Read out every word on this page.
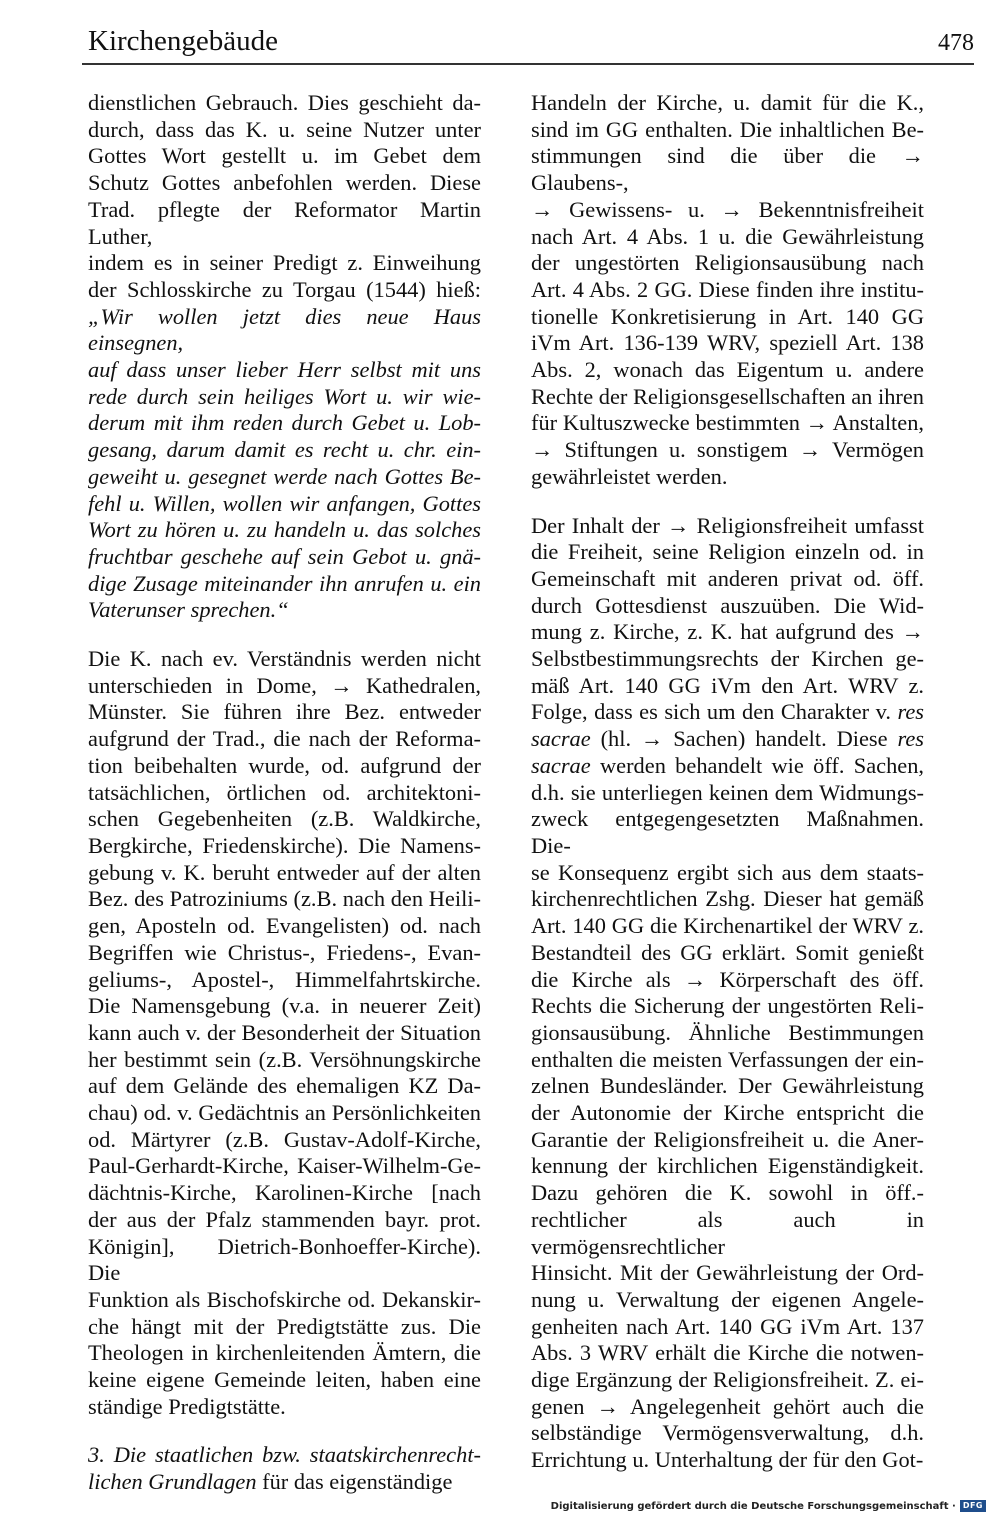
Kirchengebäude	478

dienstlichen Gebrauch. Dies geschieht da-
durch, dass das K. u. seine Nutzer unter
Gottes Wort gestellt u. im Gebet dem
Schutz Gottes anbefohlen werden. Diese
Trad. pflegte der Reformator Martin Luther,
indem es in seiner Predigt z. Einweihung
der Schlosskirche zu Torgau (1544) hieß:
„Wir wollen jetzt dies neue Haus einsegnen,
auf dass unser lieber Herr selbst mit uns
rede durch sein heiliges Wort u. wir wie-
derum mit ihm reden durch Gebet u. Lob-
gesang, darum damit es recht u. chr. ein-
geweiht u. gesegnet werde nach Gottes Be-
fehl u. Willen, wollen wir anfangen, Gottes
Wort zu hören u. zu handeln u. das solches
fruchtbar geschehe auf sein Gebot u. gnä-
dige Zusage miteinander ihn anrufen u. ein
Vaterunser sprechen.“

Die K. nach ev. Verständnis werden nicht
unterschieden in Dome, → Kathedralen,
Münster. Sie führen ihre Bez. entweder
aufgrund der Trad., die nach der Reforma-
tion beibehalten wurde, od. aufgrund der
tatsächlichen, örtlichen od. architektoni-
schen Gegebenheiten (z.B. Waldkirche,
Bergkirche, Friedenskirche). Die Namens-
gebung v. K. beruht entweder auf der alten
Bez. des Patroziniums (z.B. nach den Heili-
gen, Aposteln od. Evangelisten) od. nach
Begriffen wie Christus-, Friedens-, Evan-
geliums-, Apostel-, Himmelfahrtskirche.
Die Namensgebung (v.a. in neuerer Zeit)
kann auch v. der Besonderheit der Situation
her bestimmt sein (z.B. Versöhnungskirche
auf dem Gelände des ehemaligen KZ Da-
chau) od. v. Gedächtnis an Persönlichkeiten
od. Märtyrer (z.B. Gustav-Adolf-Kirche,
Paul-Gerhardt-Kirche, Kaiser-Wilhelm-Ge-
dächtnis-Kirche, Karolinen-Kirche [nach
der aus der Pfalz stammenden bayr. prot.
Königin], Dietrich-Bonhoeffer-Kirche). Die
Funktion als Bischofskirche od. Dekanskir-
che hängt mit der Predigtstätte zus. Die
Theologen in kirchenleitenden Ämtern, die
keine eigene Gemeinde leiten, haben eine
ständige Predigtstätte.

3. Die staatlichen bzw. staatskirchenrecht-
lichen Grundlagen für das eigenständige

Handeln der Kirche, u. damit für die K.,
sind im GG enthalten. Die inhaltlichen Be-
stimmungen sind die über die → Glaubens-,
→ Gewissens- u. → Bekenntnisfreiheit
nach Art. 4 Abs. 1 u. die Gewährleistung
der ungestörten Religionsausübung nach
Art. 4 Abs. 2 GG. Diese finden ihre institu-
tionelle Konkretisierung in Art. 140 GG
iVm Art. 136-139 WRV, speziell Art. 138
Abs. 2, wonach das Eigentum u. andere
Rechte der Religionsgesellschaften an ihren
für Kultuszwecke bestimmten → Anstalten,
→ Stiftungen u. sonstigem → Vermögen
gewährleistet werden.

Der Inhalt der → Religionsfreiheit umfasst
die Freiheit, seine Religion einzeln od. in
Gemeinschaft mit anderen privat od. öff.
durch Gottesdienst auszuüben. Die Wid-
mung z. Kirche, z. K. hat aufgrund des →
Selbstbestimmungsrechts der Kirchen ge-
mäß Art. 140 GG iVm den Art. WRV z.
Folge, dass es sich um den Charakter v. res
sacrae (hl. → Sachen) handelt. Diese res
sacrae werden behandelt wie öff. Sachen,
d.h. sie unterliegen keinen dem Widmungs-
zweck entgegengesetzten Maßnahmen. Die-
se Konsequenz ergibt sich aus dem staats-
kirchenrechtlichen Zshg. Dieser hat gemäß
Art. 140 GG die Kirchenartikel der WRV z.
Bestandteil des GG erklärt. Somit genießt
die Kirche als → Körperschaft des öff.
Rechts die Sicherung der ungestörten Reli-
gionsausübung. Ähnliche Bestimmungen
enthalten die meisten Verfassungen der ein-
zelnen Bundesländer. Der Gewährleistung
der Autonomie der Kirche entspricht die
Garantie der Religionsfreiheit u. die Aner-
kennung der kirchlichen Eigenständigkeit.
Dazu gehören die K. sowohl in öff.-
rechtlicher als auch in vermögensrechtlicher
Hinsicht. Mit der Gewährleistung der Ord-
nung u. Verwaltung der eigenen Angele-
genheiten nach Art. 140 GG iVm Art. 137
Abs. 3 WRV erhält die Kirche die notwen-
dige Ergänzung der Religionsfreiheit. Z. ei-
genen → Angelegenheit gehört auch die
selbständige Vermögensverwaltung, d.h.
Errichtung u. Unterhaltung der für den Got-

Digitalisierung gefördert durch die Deutsche Forschungsgemeinschaft · DFG
